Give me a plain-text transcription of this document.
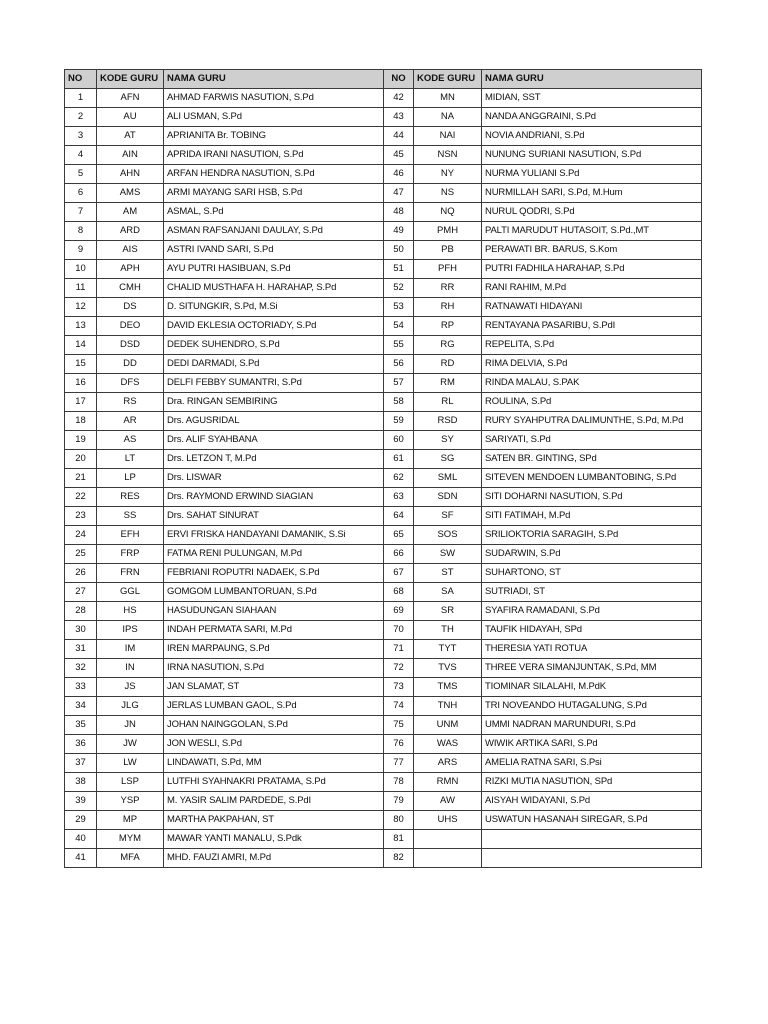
NO	KODE GURU	NAMA GURU	NO	KODE GURU	NAMA GURU
1	AFN	AHMAD FARWIS NASUTION, S.Pd	42	MN	MIDIAN, SST
2	AU	ALI USMAN, S.Pd	43	NA	NANDA ANGGRAINI, S.Pd
3	AT	APRIANITA Br. TOBING	44	NAI	NOVIA ANDRIANI, S.Pd
4	AIN	APRIDA IRANI NASUTION, S.Pd	45	NSN	NUNUNG SURIANI NASUTION, S.Pd
5	AHN	ARFAN HENDRA NASUTION, S.Pd	46	NY	NURMA YULIANI S.Pd
6	AMS	ARMI MAYANG SARI HSB, S.Pd	47	NS	NURMILLAH SARI, S.Pd, M.Hum
7	AM	ASMAL, S.Pd	48	NQ	NURUL QODRI, S.Pd
8	ARD	ASMAN RAFSANJANI DAULAY, S.Pd	49	PMH	PALTI MARUDUT HUTASOIT, S.Pd.,MT
9	AIS	ASTRI IVAND SARI, S.Pd	50	PB	PERAWATI BR. BARUS, S.Kom
10	APH	AYU PUTRI HASIBUAN, S.Pd	51	PFH	PUTRI FADHILA HARAHAP, S.Pd
11	CMH	CHALID MUSTHAFA H. HARAHAP, S.Pd	52	RR	RANI RAHIM, M.Pd
12	DS	D. SITUNGKIR, S.Pd, M.Si	53	RH	RATNAWATI HIDAYANI
13	DEO	DAVID EKLESIA OCTORIADY, S.Pd	54	RP	RENTAYANA PASARIBU, S.PdI
14	DSD	DEDEK SUHENDRO, S.Pd	55	RG	REPELITA, S.Pd
15	DD	DEDI DARMADI, S.Pd	56	RD	RIMA DELVIA, S.Pd
16	DFS	DELFI FEBBY SUMANTRI, S.Pd	57	RM	RINDA MALAU, S.PAK
17	RS	Dra. RINGAN SEMBIRING	58	RL	ROULINA, S.Pd
18	AR	Drs. AGUSRIDAL	59	RSD	RURY SYAHPUTRA DALIMUNTHE, S.Pd, M.Pd
19	AS	Drs. ALIF SYAHBANA	60	SY	SARIYATI, S.Pd
20	LT	Drs. LETZON T, M.Pd	61	SG	SATEN BR. GINTING, SPd
21	LP	Drs. LISWAR	62	SML	SITEVEN MENDOEN LUMBANTOBING, S.Pd
22	RES	Drs. RAYMOND ERWIND SIAGIAN	63	SDN	SITI DOHARNI NASUTION, S.Pd
23	SS	Drs. SAHAT SINURAT	64	SF	SITI FATIMAH, M.Pd
24	EFH	ERVI FRISKA HANDAYANI DAMANIK, S.Si	65	SOS	SRILIOKTORIA SARAGIH, S.Pd
25	FRP	FATMA RENI PULUNGAN, M.Pd	66	SW	SUDARWIN, S.Pd
26	FRN	FEBRIANI ROPUTRI NADAEK, S.Pd	67	ST	SUHARTONO, ST
27	GGL	GOMGOM LUMBANTORUAN, S.Pd	68	SA	SUTRIADI, ST
28	HS	HASUDUNGAN SIAHAAN	69	SR	SYAFIRA RAMADANI, S.Pd
30	IPS	INDAH PERMATA SARI, M.Pd	70	TH	TAUFIK HIDAYAH, SPd
31	IM	IREN MARPAUNG, S.Pd	71	TYT	THERESIA YATI ROTUA
32	IN	IRNA NASUTION, S.Pd	72	TVS	THREE VERA SIMANJUNTAK, S.Pd, MM
33	JS	JAN SLAMAT, ST	73	TMS	TIOMINAR SILALAHI, M.PdK
34	JLG	JERLAS LUMBAN GAOL, S.Pd	74	TNH	TRI NOVEANDO HUTAGALUNG, S.Pd
35	JN	JOHAN NAINGGOLAN, S.Pd	75	UNM	UMMI NADRAN MARUNDURI, S.Pd
36	JW	JON WESLI, S.Pd	76	WAS	WIWIK ARTIKA SARI, S.Pd
37	LW	LINDAWATI, S.Pd, MM	77	ARS	AMELIA RATNA SARI, S.Psi
38	LSP	LUTFHI SYAHNAKRI PRATAMA, S.Pd	78	RMN	RIZKI MUTIA NASUTION, SPd
39	YSP	M. YASIR SALIM PARDEDE, S.PdI	79	AW	AISYAH WIDAYANI, S.Pd
29	MP	MARTHA PAKPAHAN, ST	80	UHS	USWATUN HASANAH SIREGAR, S.Pd
40	MYM	MAWAR YANTI MANALU, S.Pdk	81		
41	MFA	MHD. FAUZI AMRI, M.Pd	82		
